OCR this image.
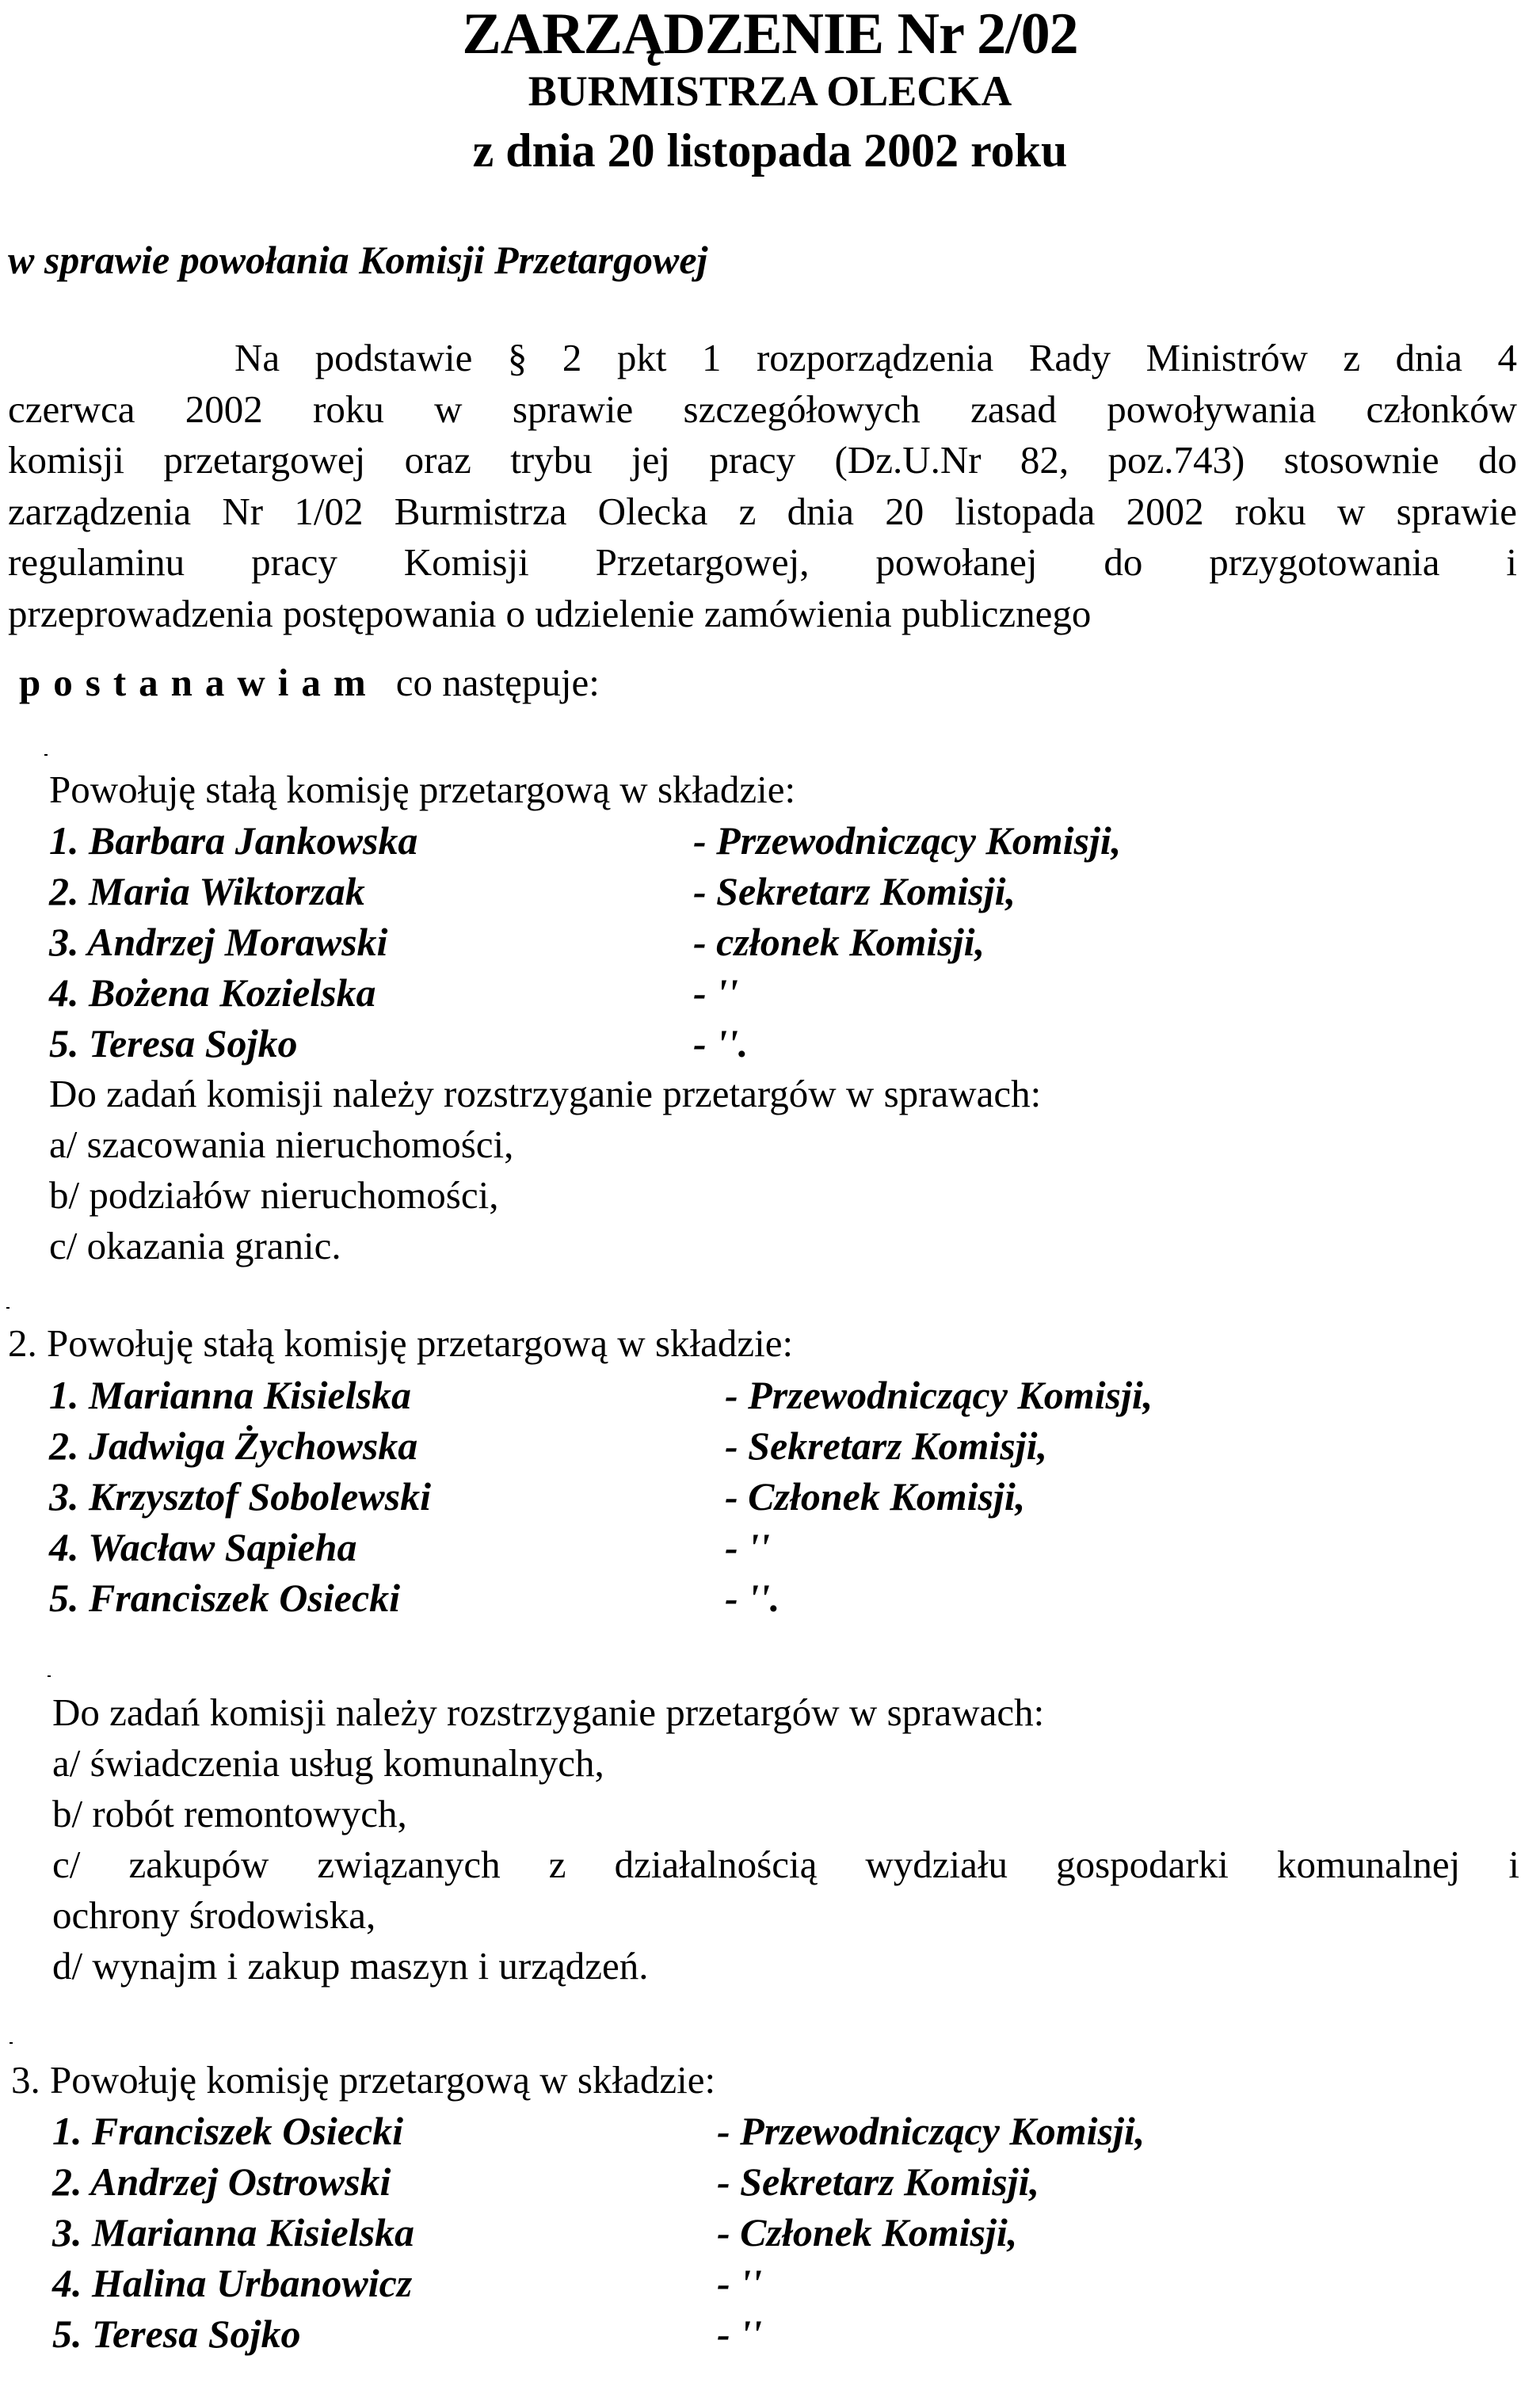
ZARZĄDZENIE Nr 2/02
BURMISTRZA OLECKA
z dnia 20 listopada 2002 roku
w sprawie powołania Komisji Przetargowej
Na podstawie § 2 pkt 1 rozporządzenia Rady Ministrów z dnia 4
czerwca 2002 roku w sprawie szczegółowych zasad powoływania członków
komisji przetargowej oraz trybu jej pracy (Dz.U.Nr 82, poz.743) stosownie do
zarządzenia Nr 1/02 Burmistrza Olecka z dnia 20 listopada 2002 roku w sprawie
regulaminu pracy Komisji Przetargowej, powołanej do przygotowania i
przeprowadzenia postępowania o udzielenie zamówienia publicznego
postanawiam co następuje:
Powołuję stałą komisję przetargową w składzie:
1. Barbara Jankowska	- Przewodniczący Komisji,
2. Maria Wiktorzak	- Sekretarz Komisji,
3. Andrzej Morawski	- członek Komisji,
4. Bożena Kozielska	- ''
5. Teresa Sojko	- ''.
Do zadań komisji należy rozstrzyganie przetargów w sprawach:
a/ szacowania nieruchomości,
b/ podziałów nieruchomości,
c/ okazania granic.
2. Powołuję stałą komisję przetargową w składzie:
1. Marianna Kisielska	- Przewodniczący Komisji,
2. Jadwiga Żychowska	- Sekretarz Komisji,
3. Krzysztof Sobolewski	- Członek Komisji,
4. Wacław Sapieha	- ''
5. Franciszek Osiecki	- ''.
Do zadań komisji należy rozstrzyganie przetargów w sprawach:
a/ świadczenia usług komunalnych,
b/ robót remontowych,
c/ zakupów związanych z działalnością wydziału gospodarki komunalnej i
ochrony środowiska,
d/ wynajm i zakup maszyn i urządzeń.
3. Powołuję komisję przetargową w składzie:
1. Franciszek Osiecki	- Przewodniczący Komisji,
2. Andrzej Ostrowski	- Sekretarz Komisji,
3. Marianna Kisielska	- Członek Komisji,
4. Halina Urbanowicz	- ''
5. Teresa Sojko	- ''
